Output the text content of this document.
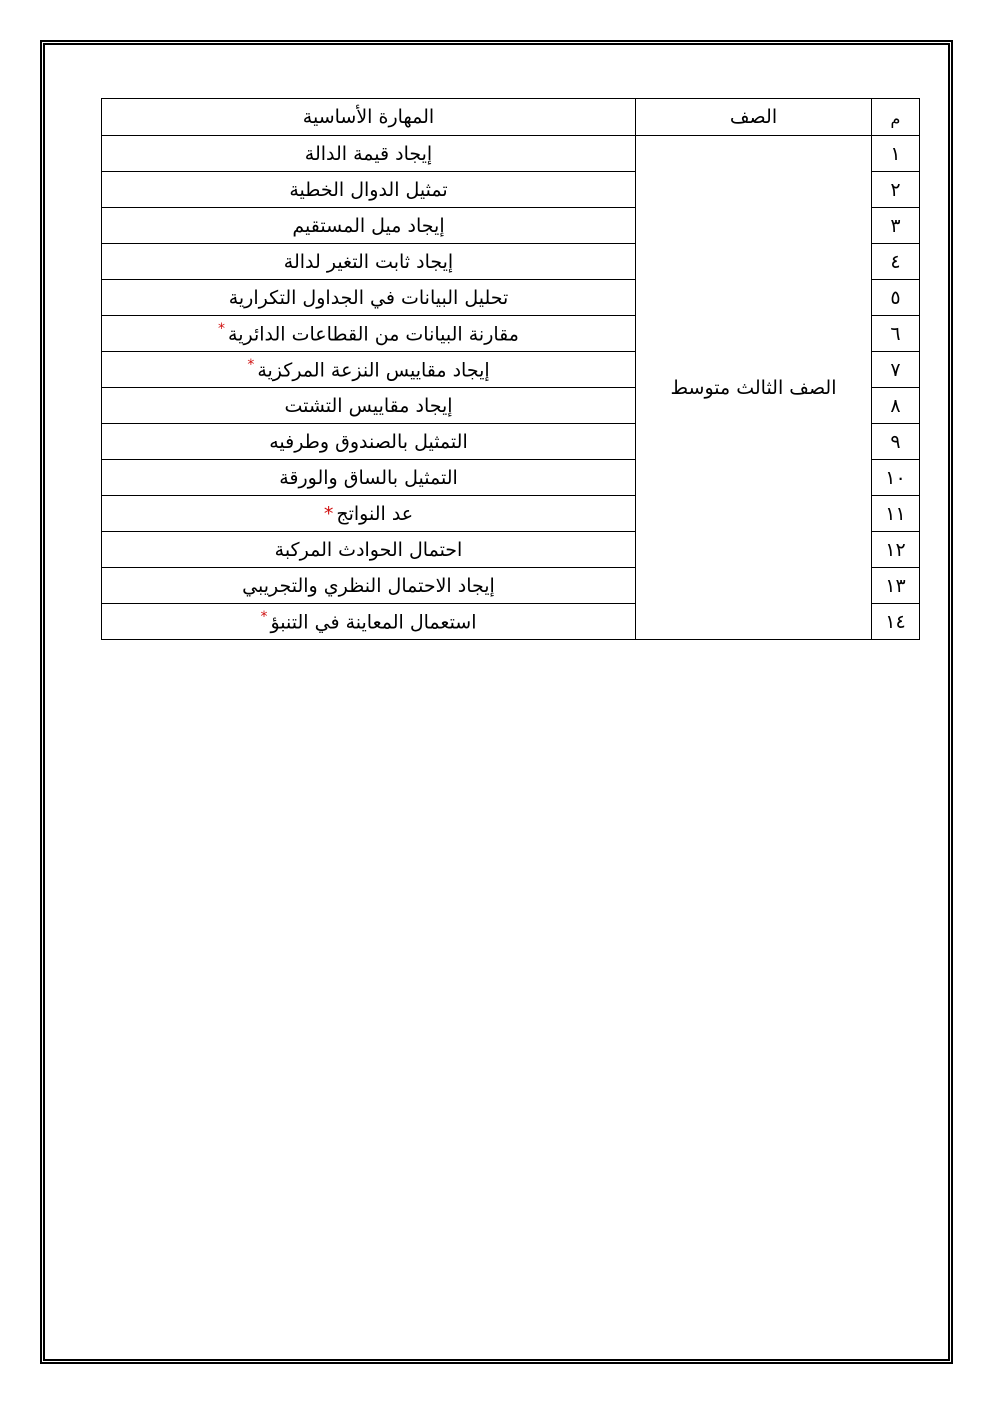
م	الصف	المهارة الأساسية
١	الصف الثالث متوسط	إيجاد قيمة الدالة
٢		تمثيل الدوال الخطية
٣		إيجاد ميل المستقيم
٤		إيجاد ثابت التغير لدالة
٥		تحليل البيانات في الجداول التكرارية
٦		مقارنة البيانات من القطاعات الدائرية*
٧		إيجاد مقاييس النزعة المركزية*
٨		إيجاد مقاييس التشتت
٩		التمثيل بالصندوق وطرفيه
١٠		التمثيل بالساق والورقة
١١		عد النواتج*
١٢		احتمال الحوادث المركبة
١٣		إيجاد الاحتمال النظري والتجريبي
١٤		استعمال المعاينة في التنبؤ*
